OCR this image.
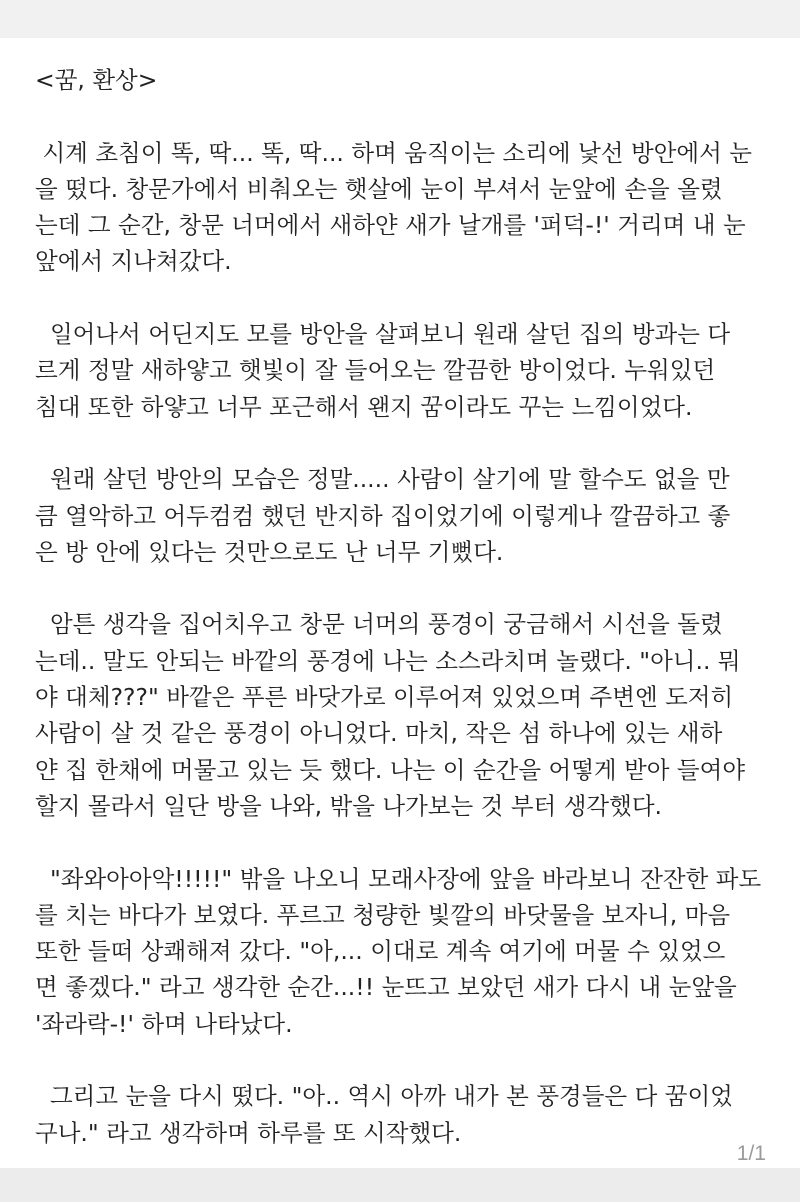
<꿈, 환상>

시계 초침이 똑, 딱... 똑, 딱... 하며 움직이는 소리에 낯선 방안에서 눈
을 떴다. 창문가에서 비춰오는 햇살에 눈이 부셔서 눈앞에 손을 올렸
는데 그 순간, 창문 너머에서 새하얀 새가 날개를 '퍼덕-!' 거리며 내 눈
앞에서 지나쳐갔다.

일어나서 어딘지도 모를 방안을 살펴보니 원래 살던 집의 방과는 다
르게 정말 새하얗고 햇빛이 잘 들어오는 깔끔한 방이었다. 누워있던
침대 또한 하얗고 너무 포근해서 왠지 꿈이라도 꾸는 느낌이었다.

원래 살던 방안의 모습은 정말..... 사람이 살기에 말 할수도 없을 만
큼 열악하고 어두컴컴 했던 반지하 집이었기에 이렇게나 깔끔하고 좋
은 방 안에 있다는 것만으로도 난 너무 기뻤다.

암튼 생각을 집어치우고 창문 너머의 풍경이 궁금해서 시선을 돌렸
는데.. 말도 안되는 바깥의 풍경에 나는 소스라치며 놀랬다. "아니.. 뭐
야 대체???" 바깥은 푸른 바닷가로 이루어져 있었으며 주변엔 도저히
사람이 살 것 같은 풍경이 아니었다. 마치, 작은 섬 하나에 있는 새하
얀 집 한채에 머물고 있는 듯 했다. 나는 이 순간을 어떻게 받아 들여야
할지 몰라서 일단 방을 나와, 밖을 나가보는 것 부터 생각했다.

"좌와아아악!!!!!" 밖을 나오니 모래사장에 앞을 바라보니 잔잔한 파도
를 치는 바다가 보였다. 푸르고 청량한 빛깔의 바닷물을 보자니, 마음
또한 들떠 상쾌해져 갔다. "아,... 이대로 계속 여기에 머물 수 있었으
면 좋겠다." 라고 생각한 순간...!! 눈뜨고 보았던 새가 다시 내 눈앞을
'좌라락-!' 하며 나타났다.

그리고 눈을 다시 떴다. "아.. 역시 아까 내가 본 풍경들은 다 꿈이었
구나." 라고 생각하며 하루를 또 시작했다.

1/1
